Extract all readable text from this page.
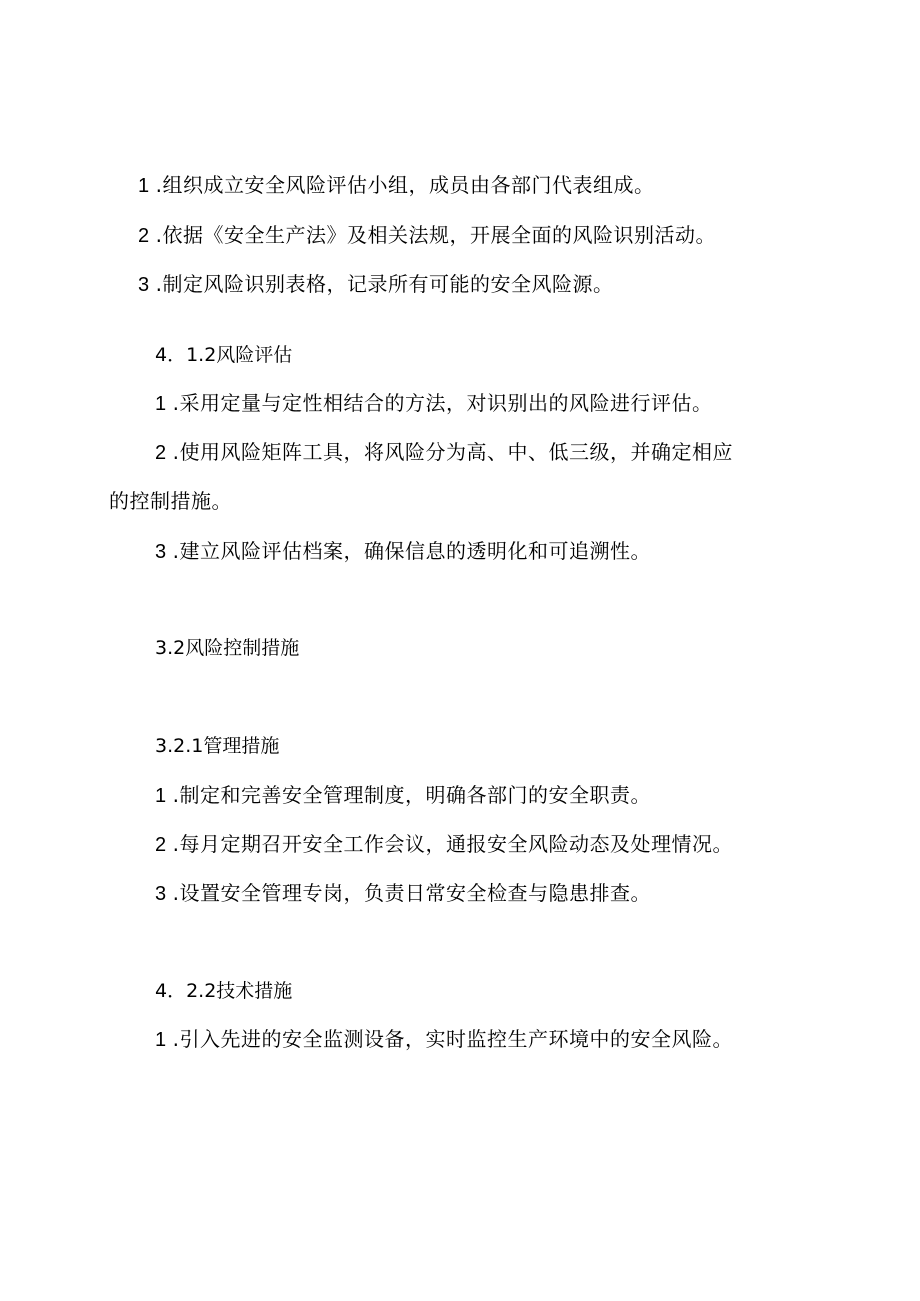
1 .组织成立安全风险评估小组，成员由各部门代表组成。
2 .依据《安全生产法》及相关法规，开展全面的风险识别活动。
3 .制定风险识别表格，记录所有可能的安全风险源。
4．1.2风险评估
1 .采用定量与定性相结合的方法，对识别出的风险进行评估。
2 .使用风险矩阵工具，将风险分为高、中、低三级，并确定相应
的控制措施。
3 .建立风险评估档案，确保信息的透明化和可追溯性。
3.2风险控制措施
3.2.1管理措施
1 .制定和完善安全管理制度，明确各部门的安全职责。
2 .每月定期召开安全工作会议，通报安全风险动态及处理情况。
3 .设置安全管理专岗，负责日常安全检查与隐患排查。
4．2.2技术措施
1 .引入先进的安全监测设备，实时监控生产环境中的安全风险。
